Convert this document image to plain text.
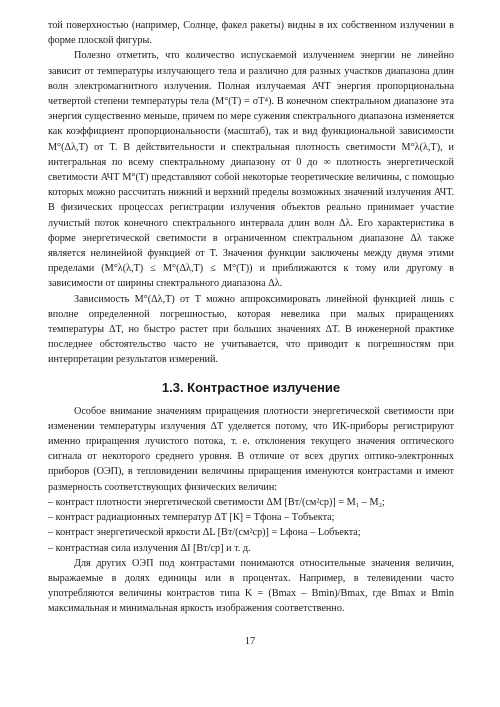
той поверхностью (например, Солнце, факел ракеты) видны в их собственном излучении в форме плоской фигуры.

Полезно отметить, что количество испускаемой излучением энергии не линейно зависит от температуры излучающего тела и различно для разных участков диапазона длин волн электромагнитного излучения. Полная излучаемая АЧТ энергия пропорциональна четвертой степени температуры тела (M°(T) = σT⁴). В конечном спектральном диапазоне эта энергия существенно меньше, причем по мере сужения спектрального диапазона изменяется как коэффициент пропорциональности (масштаб), так и вид функциональной зависимости M°(Δλ,T) от T. В действительности и спектральная плотность светимости M°λ(λ,T), и интегральная по всему спектральному диапазону от 0 до ∞ плотность энергетической светимости АЧТ M°(T) представляют собой некоторые теоретические величины, с помощью которых можно рассчитать нижний и верхний пределы возможных значений излучения АЧТ. В физических процессах регистрации излучения объектов реально принимает участие лучистый поток конечного спектрального интервала длин волн Δλ. Его характеристика в форме энергетической светимости в ограниченном спектральном диапазоне Δλ также является нелинейной функцией от T. Значения функции заключены между двумя этими пределами (M°λ(λ,T) ≤ M°(Δλ,T) ≤ M°(T)) и приближаются к тому или другому в зависимости от ширины спектрального диапазона Δλ.

Зависимость M°(Δλ,T) от T можно аппроксимировать линейной функцией лишь с вполне определенной погрешностью, которая невелика при малых приращениях температуры ΔT, но быстро растет при больших значениях ΔT. В инженерной практике последнее обстоятельство часто не учитывается, что приводит к погрешностям при интерпретации результатов измерений.

1.3. Контрастное излучение

Особое внимание значениям приращения плотности энергетической светимости при изменении температуры излучения ΔT уделяется потому, что ИК-приборы регистрируют именно приращения лучистого потока, т. е. отклонения текущего значения оптического сигнала от некоторого среднего уровня. В отличие от всех других оптико-электронных приборов (ОЭП), в тепловидении величины приращения именуются контрастами и имеют размерность соответствующих физических величин:

– контраст плотности энергетической светимости ΔM [Вт/(см²ср)] = M₁ – M₂;

– контраст радиационных температур ΔT [К] = Tфона – Tобъекта;

– контраст энергетической яркости ΔL [Вт/(см²ср)] = Lфона – Lобъекта;

– контрастная сила излучения ΔI [Вт/ср] и т. д.

Для других ОЭП под контрастами понимаются относительные значения величин, выражаемые в долях единицы или в процентах. Например, в телевидении часто употребляются величины контрастов типа K = (Bmax – Bmin)/Bmax, где Bmax и Bmin максимальная и минимальная яркость изображения соответственно.

17
